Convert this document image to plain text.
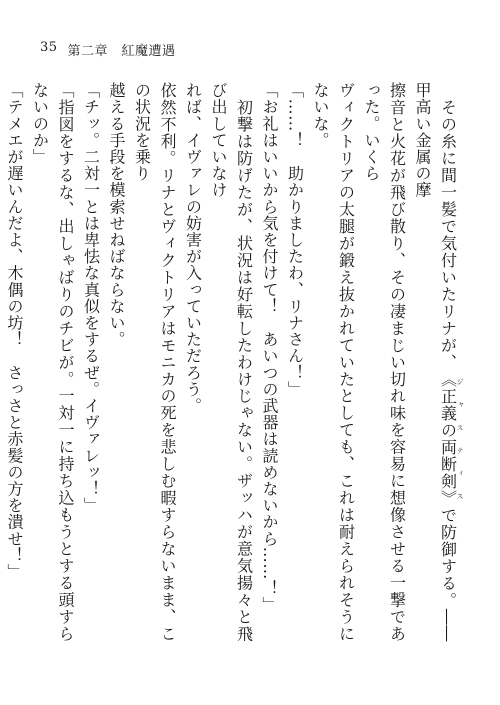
35 第二章　紅魔遭遇

　その糸に間一髪で気付いたリナが、《正義の両断剣》ジャスティスで防御する。――甲高い金属の摩

擦音と火花が飛び散り、その凄まじい切れ味を容易に想像させる一撃であった。いくら

ヴィクトリアの太腿が鍛え抜かれていたとしても、これは耐えられそうにないな。

「……！　助かりましたわ、リナさん！」

「お礼はいいから気を付けて！　あいつの武器は読めないから……！」

　初撃は防げたが、状況は好転したわけじゃない。ザッハが意気揚々と飛び出していなけ

れば、イヴァレの妨害が入っていただろう。

依然不利。リナとヴィクトリアはモニカの死を悲しむ暇すらないまま、この状況を乗り

越える手段を模索せねばならない。

「チッ。二対一とは卑怯な真似をするぜ。イヴァレッ！」

「指図をするな、出しゃばりのチビが。一対一に持ち込もうとする頭すらないのか」

「テメエが遅いんだよ、木偶の坊！　さっさと赤髪の方を潰せ！」
